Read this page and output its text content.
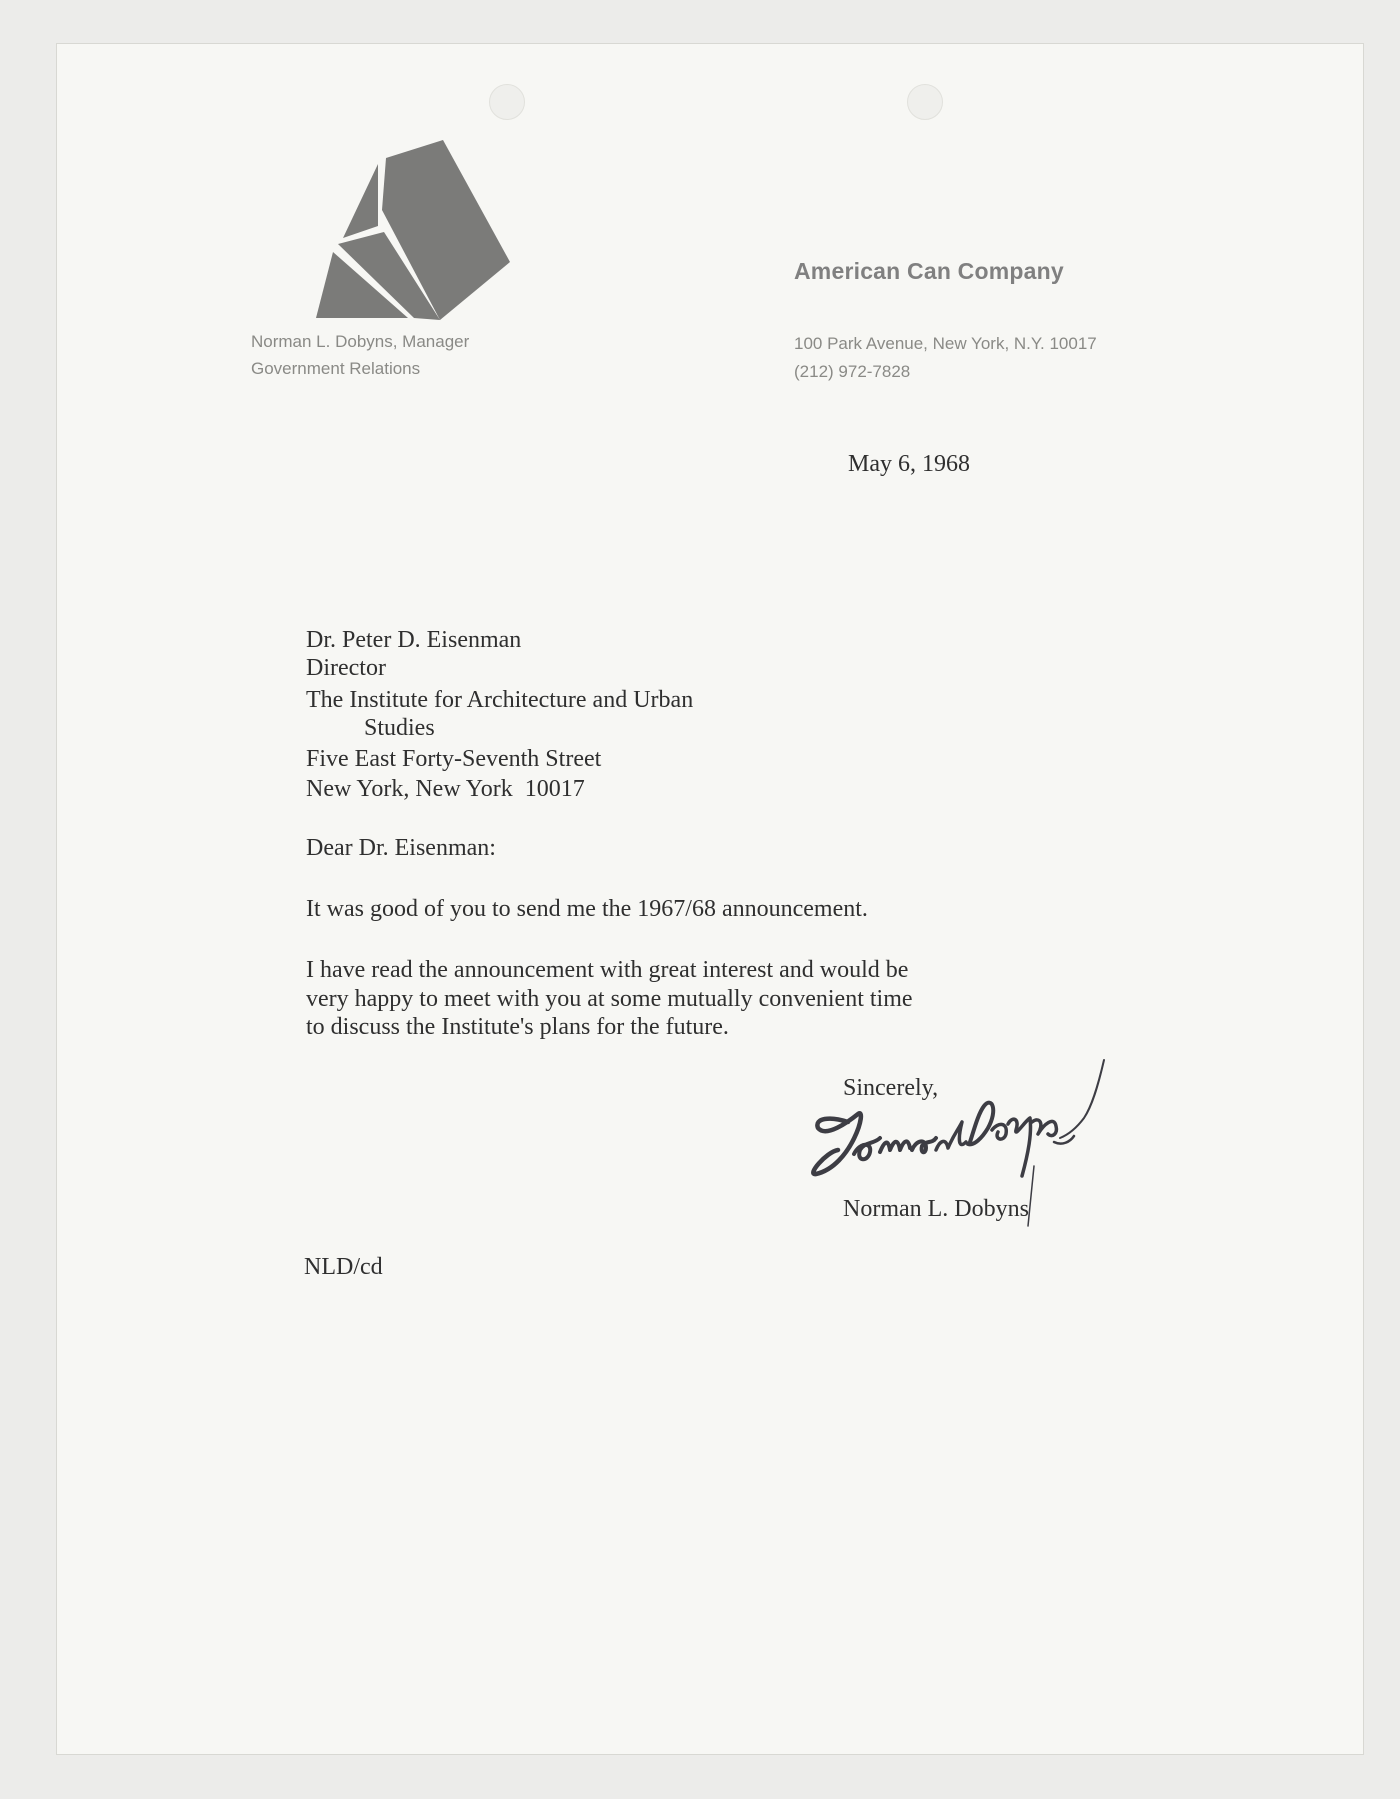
American Can Company
100 Park Avenue, New York, N.Y. 10017
(212) 972-7828
Norman L. Dobyns, Manager
Government Relations
May 6, 1968
Dr. Peter D. Eisenman
Director
The Institute for Architecture and Urban
Studies
Five East Forty-Seventh Street
New York, New York  10017
Dear Dr. Eisenman:
It was good of you to send me the 1967/68 announcement.
I have read the announcement with great interest and would be
very happy to meet with you at some mutually convenient time
to discuss the Institute's plans for the future.
Sincerely,
Norman L. Dobyns
NLD/cd
